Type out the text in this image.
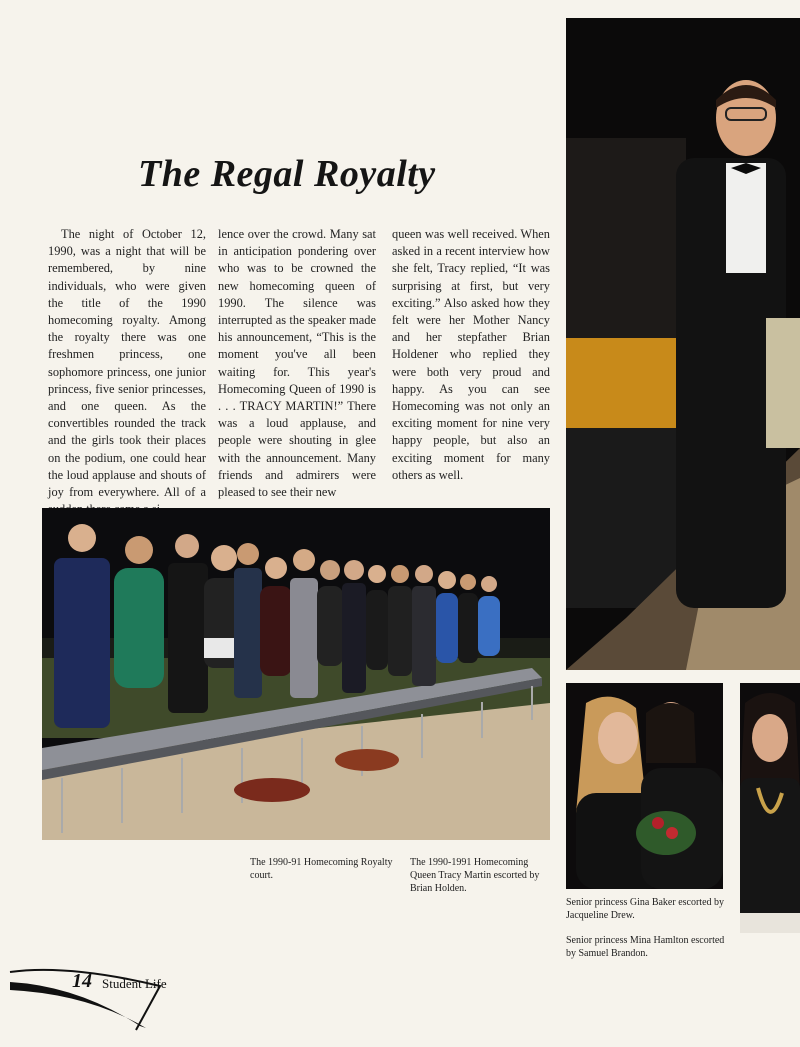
The Regal Royalty

The night of October 12, 1990, was a night that will be remembered, by nine individuals, who were given the title of the 1990 homecoming royalty. Among the royalty there was one freshmen princess, one sophomore princess, one junior princess, five senior princesses, and one queen. As the convertibles rounded the track and the girls took their places on the podium, one could hear the loud applause and shouts of joy from everywhere. All of a

lence over the crowd. Many sat in anticipation pondering over who was to be crowned the new homecoming queen of 1990. The silence was interrupted as the speaker made his announcement, “This is the moment you've all been waiting for. This year's Homecoming Queen of 1990 is . . . TRACY MARTIN!” There was a loud applause, and people were shouting in glee with the announcement. Many friends and admirers were pleased to see their new

queen was well received. When asked in a recent interview how she felt, Tracy replied, “It was surprising at first, but very exciting.” Also asked how they felt were her Mother Nancy and her stepfather Brian Holdener who replied they were both very proud and happy. As you can see Homecoming was not only an exciting moment for nine very happy people, but also an exciting moment for many others as well.

The 1990-91 Homecoming Royalty court.

The 1990-1991 Homecoming Queen Tracy Martin escorted by Brian Holden.

Senior princess Gina Baker escorted by Jacqueline Drew.

Senior princess Mina Hamlton escorted by Samuel Brandon.

14 Student Life
